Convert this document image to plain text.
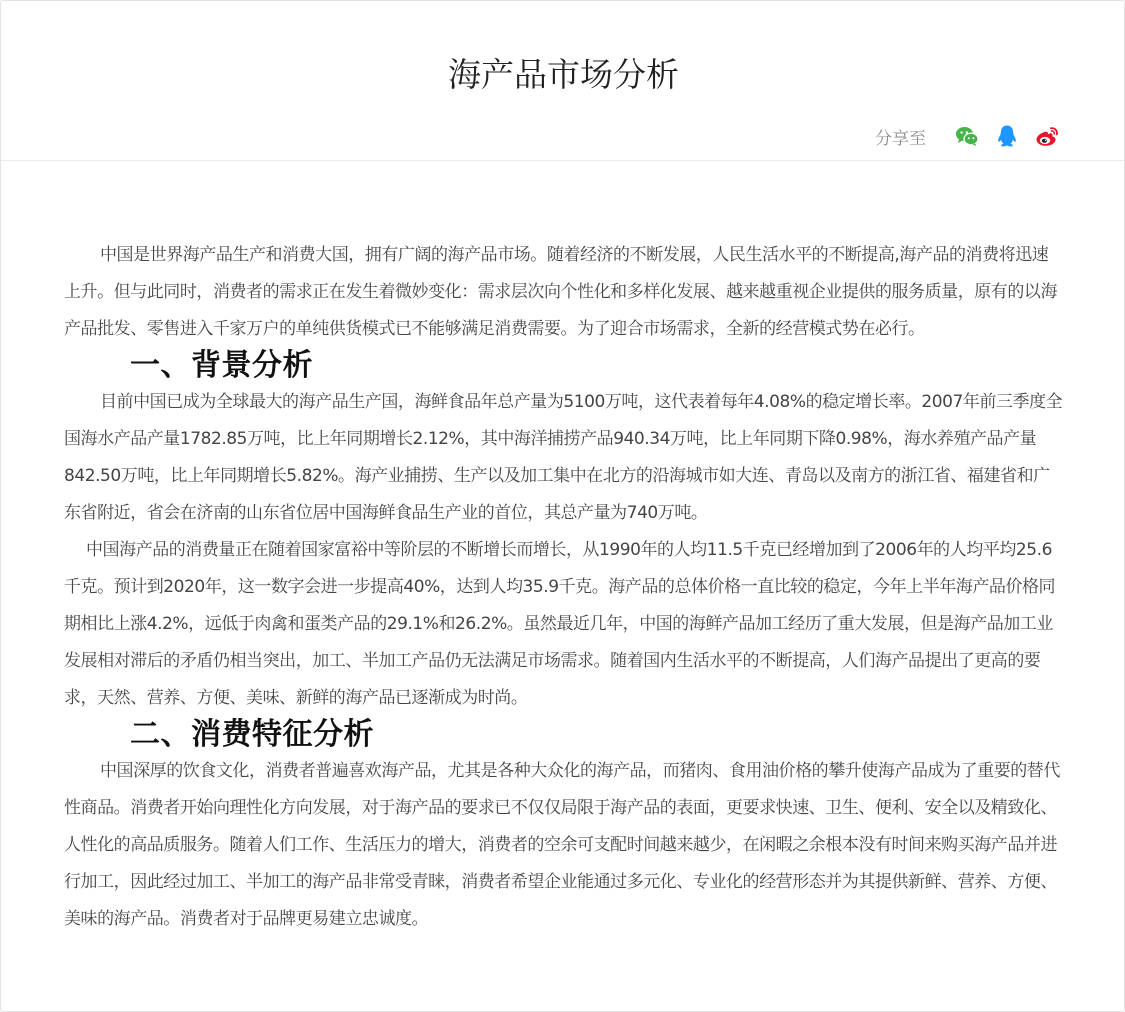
海产品市场分析
分享至

中国是世界海产品生产和消费大国，拥有广阔的海产品市场。随着经济的不断发展，人民生活水平的不断提高,海产品的消费将迅速上升。但与此同时，消费者的需求正在发生着微妙变化：需求层次向个性化和多样化发展、越来越重视企业提供的服务质量，原有的以海产品批发、零售进入千家万户的单纯供货模式已不能够满足消费需要。为了迎合市场需求，全新的经营模式势在必行。

一、背景分析

目前中国已成为全球最大的海产品生产国，海鲜食品年总产量为5100万吨，这代表着每年4.08%的稳定增长率。2007年前三季度全国海水产品产量1782.85万吨，比上年同期增长2.12%，其中海洋捕捞产品940.34万吨，比上年同期下降0.98%，海水养殖产品产量842.50万吨，比上年同期增长5.82%。海产业捕捞、生产以及加工集中在北方的沿海城市如大连、青岛以及南方的浙江省、福建省和广东省附近，省会在济南的山东省位居中国海鲜食品生产业的首位，其总产量为740万吨。

中国海产品的消费量正在随着国家富裕中等阶层的不断增长而增长，从1990年的人均11.5千克已经增加到了2006年的人均平均25.6千克。预计到2020年，这一数字会进一步提高40%，达到人均35.9千克。海产品的总体价格一直比较的稳定，今年上半年海产品价格同期相比上涨4.2%，远低于肉禽和蛋类产品的29.1%和26.2%。虽然最近几年，中国的海鲜产品加工经历了重大发展，但是海产品加工业发展相对滞后的矛盾仍相当突出，加工、半加工产品仍无法满足市场需求。随着国内生活水平的不断提高，人们海产品提出了更高的要求，天然、营养、方便、美味、新鲜的海产品已逐渐成为时尚。

二、消费特征分析

中国深厚的饮食文化，消费者普遍喜欢海产品，尤其是各种大众化的海产品，而猪肉、食用油价格的攀升使海产品成为了重要的替代性商品。消费者开始向理性化方向发展，对于海产品的要求已不仅仅局限于海产品的表面，更要求快速、卫生、便利、安全以及精致化、人性化的高品质服务。随着人们工作、生活压力的增大，消费者的空余可支配时间越来越少，在闲暇之余根本没有时间来购买海产品并进行加工，因此经过加工、半加工的海产品非常受青睐，消费者希望企业能通过多元化、专业化的经营形态并为其提供新鲜、营养、方便、美味的海产品。消费者对于品牌更易建立忠诚度。
